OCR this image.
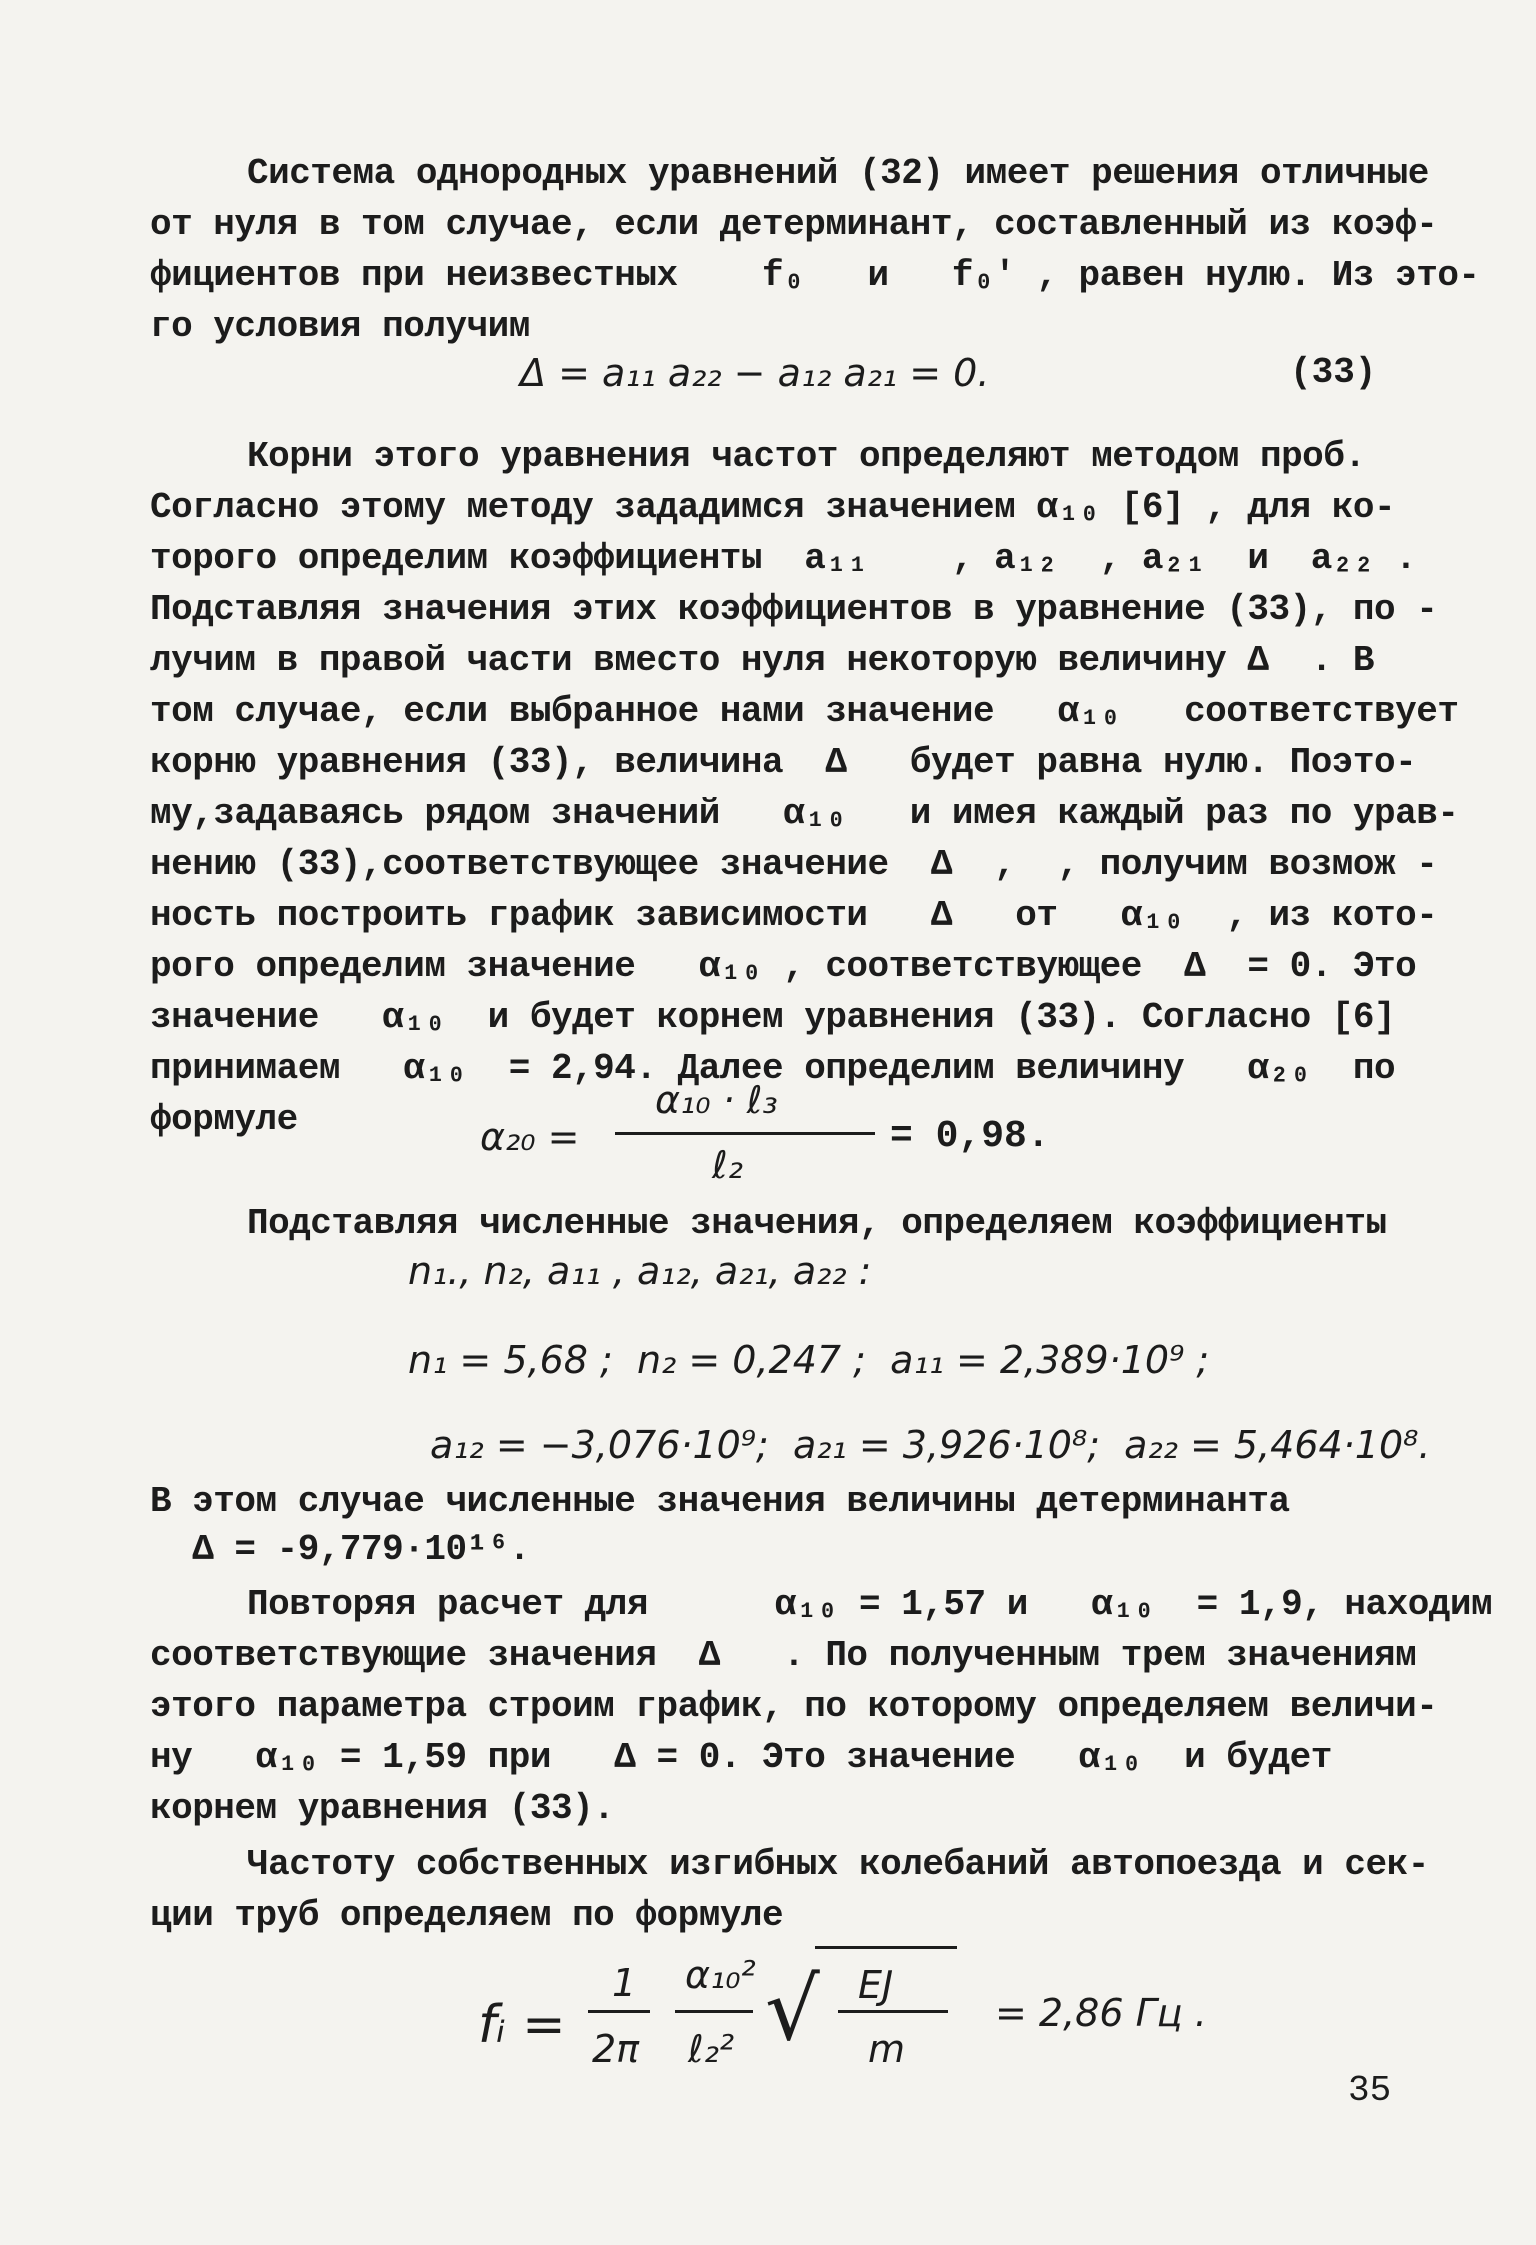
Система однородных уравнений (32) имеет решения отличные
от нуля в том случае, если детерминант, составленный из коэф-
фициентов при неизвестных    f₀   и   f₀′ , равен нулю. Из это-
го условия получим
Δ = a₁₁ a₂₂ − a₁₂ a₂₁ = 0.	(33)
Корни этого уравнения частот определяют методом проб.
Согласно этому методу зададимся значением α₁₀ [6] , для ко-
торого определим коэффициенты  a₁₁    , a₁₂  , a₂₁  и  a₂₂ .
Подставляя значения этих коэффициентов в уравнение (33), по -
лучим в правой части вместо нуля некоторую величину Δ  . В
том случае, если выбранное нами значение   α₁₀   соответствует
корню уравнения (33), величина  Δ   будет равна нулю. Поэто-
му,задаваясь рядом значений   α₁₀   и имея каждый раз по урав-
нению (33),соответствующее значение  Δ  ,  , получим возмож -
ность построить график зависимости   Δ   от   α₁₀  , из кото-
рого определим значение   α₁₀ , соответствующее  Δ  = 0. Это
значение   α₁₀  и будет корнем уравнения (33). Согласно [6]
принимаем   α₁₀  = 2,94. Далее определим величину   α₂₀  по
формуле	α₂₀ =
α₁₀ · ℓ₃
ℓ₂
= 0,98.
Подставляя численные значения, определяем коэффициенты
n₁., n₂, a₁₁ , a₁₂, a₂₁, a₂₂ :
n₁ = 5,68 ;  n₂ = 0,247 ;  a₁₁ = 2,389·10⁹ ;
a₁₂ = −3,076·10⁹;  a₂₁ = 3,926·10⁸;  a₂₂ = 5,464·10⁸.
В этом случае численные значения величины детерминанта
Δ = -9,779·10¹⁶.
Повторяя расчет для      α₁₀ = 1,57 и   α₁₀  = 1,9, находим
соответствующие значения  Δ   . По полученным трем значениям
этого параметра строим график, по которому определяем величи-
ну   α₁₀ = 1,59 при   Δ = 0. Это значение   α₁₀  и будет
корнем уравнения (33).
Частоту собственных изгибных колебаний автопоезда и сек-
ции труб определяем по формуле
fᵢ =
1
2π
α₁₀²
ℓ₂² √ EJ
m
= 2,86 Гц .
35
